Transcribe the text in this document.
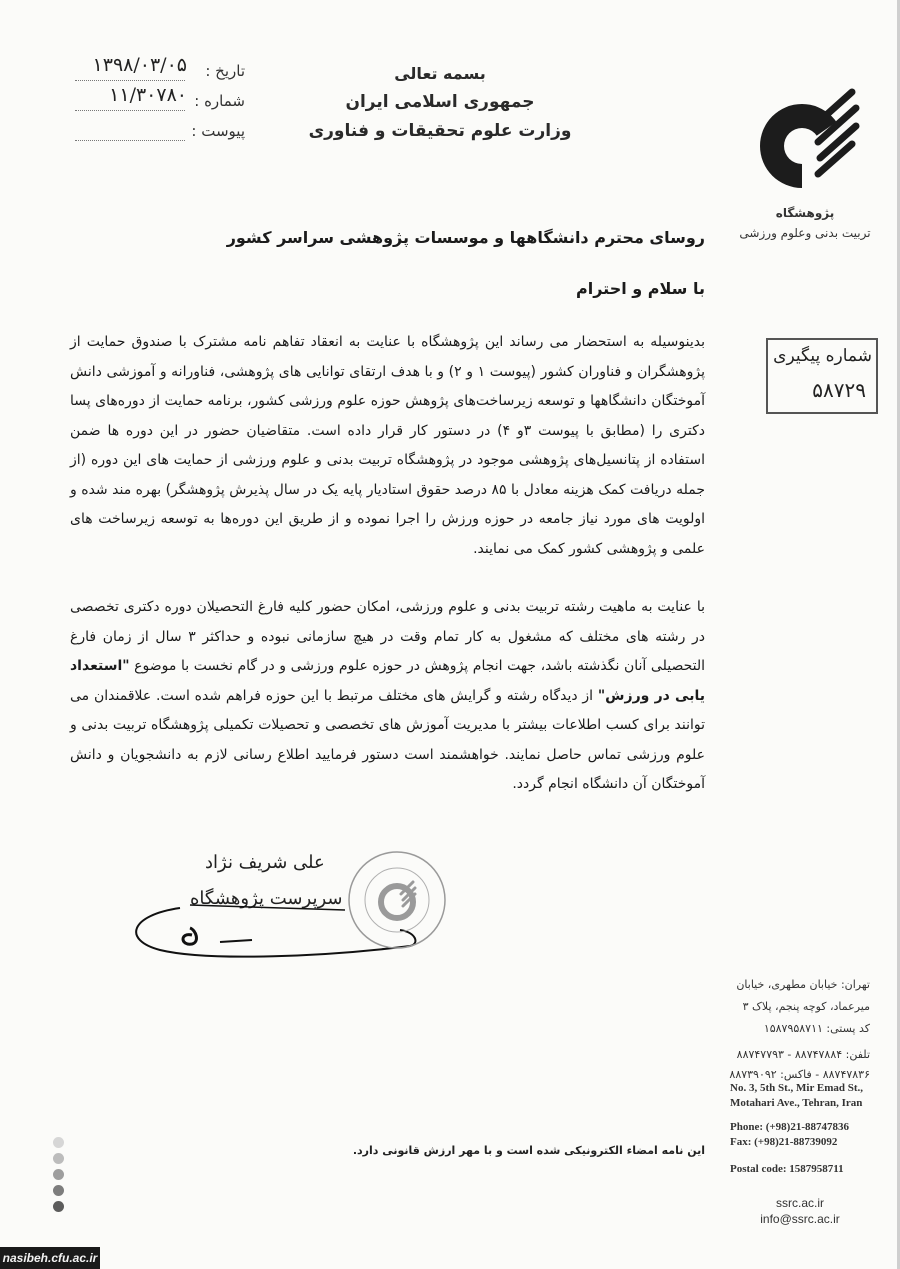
تاریخ :
۱۳۹۸/۰۳/۰۵
شماره :
۱۱/۳۰۷۸۰
پیوست :
بسمه تعالی
جمهوری اسلامی ایران
وزارت علوم تحقیقات و فناوری
پژوهشگاه
تربیت بدنی وعلوم ورزشی
روسای محترم دانشگاهها و موسسات پژوهشی سراسر کشور
با سلام و احترام
بدینوسیله به استحضار می رساند این پژوهشگاه با عنایت به انعقاد تفاهم نامه مشترک با صندوق حمایت از پژوهشگران و فناوران کشور (پیوست ۱ و ۲) و با هدف ارتقای توانایی های پژوهشی، فناورانه و آموزشی دانش آموختگان دانشگاهها و توسعه زیرساخت‌های پژوهش حوزه علوم ورزشی کشور، برنامه حمایت از دوره‌های پسا دکتری را (مطابق با پیوست ۳و ۴) در دستور کار قرار داده است. متقاضیان حضور در این دوره ها ضمن استفاده از پتانسیل‌های پژوهشی موجود در پژوهشگاه تربیت بدنی و علوم ورزشی از حمایت های این دوره (از جمله دریافت کمک هزینه معادل با ۸۵ درصد حقوق استادیار پایه یک در سال پذیرش پژوهشگر) بهره مند شده و اولویت های مورد نیاز جامعه در حوزه ورزش را اجرا نموده و از طریق این دوره‌ها به توسعه زیرساخت های علمی و پژوهشی کشور کمک می نمایند.
با عنایت به ماهیت رشته تربیت بدنی و علوم ورزشی، امکان حضور کلیه فارغ التحصیلان دوره دکتری تخصصی در رشته های مختلف که مشغول به کار تمام وقت در هیچ سازمانی نبوده و حداکثر ۳ سال از زمان فارغ التحصیلی آنان نگذشته باشد، جهت انجام پژوهش در حوزه علوم ورزشی و در گام نخست با موضوع "استعداد یابی در ورزش" از دیدگاه رشته و گرایش های مختلف مرتبط با این حوزه فراهم شده است. علاقمندان می توانند برای کسب اطلاعات بیشتر با مدیریت آموزش های تخصصی و تحصیلات تکمیلی پژوهشگاه تربیت بدنی و علوم ورزشی تماس حاصل نمایند. خواهشمند است دستور فرمایید اطلاع رسانی لازم به دانشجویان و دانش آموختگان آن دانشگاه انجام گردد.
شماره پیگیری
۵۸۷۲۹
علی شریف نژاد
سرپرست پژوهشگاه
تهران: خیابان مطهری، خیابان
میرعماد، کوچه پنجم، پلاک ۳
کد پستی: ۱۵۸۷۹۵۸۷۱۱
تلفن: ۸۸۷۴۷۸۸۴ - ۸۸۷۴۷۷۹۳
۸۸۷۴۷۸۳۶ - فاکس: ۸۸۷۳۹۰۹۲
No. 3, 5th St., Mir Emad St.,
Motahari Ave., Tehran, Iran
Phone: (+98)21-88747836
Fax: (+98)21-88739092
Postal code: 1587958711
ssrc.ac.ir
info@ssrc.ac.ir
این نامه امضاء الکترونیکی شده است و با مهر ارزش قانونی دارد.
nasibeh.cfu.ac.ir
